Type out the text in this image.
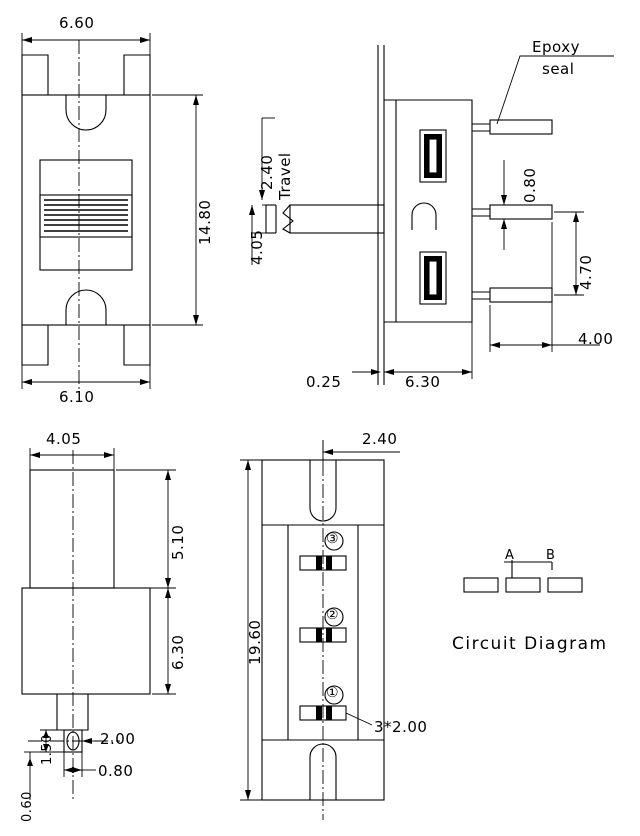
6.60
14.80
6.10
2.40 Travel
4.05
0.80
4.70
4.00
0.25	6.30
Epoxy
seal
4.05
5.10
6.30
2.00
1.50
0.80
0.60
2.40
19.60
3*2.00
③
②
①
A B
Circuit Diagram
